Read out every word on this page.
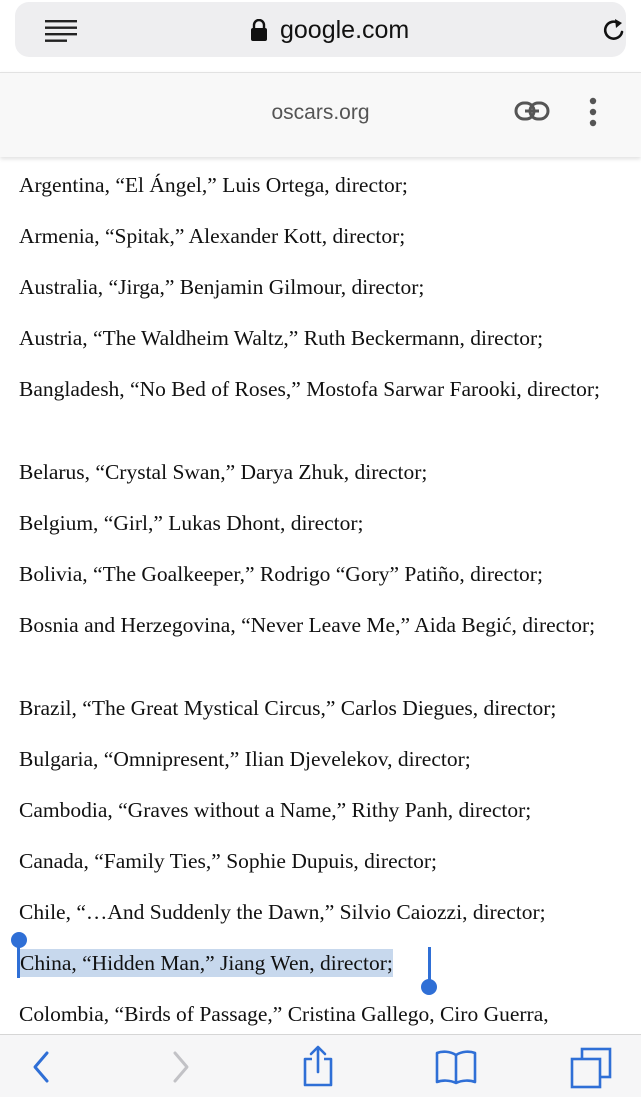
google.com
oscars.org
Argentina, “El Ángel,” Luis Ortega, director;
Armenia, “Spitak,” Alexander Kott, director;
Australia, “Jirga,” Benjamin Gilmour, director;
Austria, “The Waldheim Waltz,” Ruth Beckermann, director;
Bangladesh, “No Bed of Roses,” Mostofa Sarwar Farooki, director;
Belarus, “Crystal Swan,” Darya Zhuk, director;
Belgium, “Girl,” Lukas Dhont, director;
Bolivia, “The Goalkeeper,” Rodrigo “Gory” Patiño, director;
Bosnia and Herzegovina, “Never Leave Me,” Aida Begić, director;
Brazil, “The Great Mystical Circus,” Carlos Diegues, director;
Bulgaria, “Omnipresent,” Ilian Djevelekov, director;
Cambodia, “Graves without a Name,” Rithy Panh, director;
Canada, “Family Ties,” Sophie Dupuis, director;
Chile, “…And Suddenly the Dawn,” Silvio Caiozzi, director;
China, “Hidden Man,” Jiang Wen, director;
Colombia, “Birds of Passage,” Cristina Gallego, Ciro Guerra,
